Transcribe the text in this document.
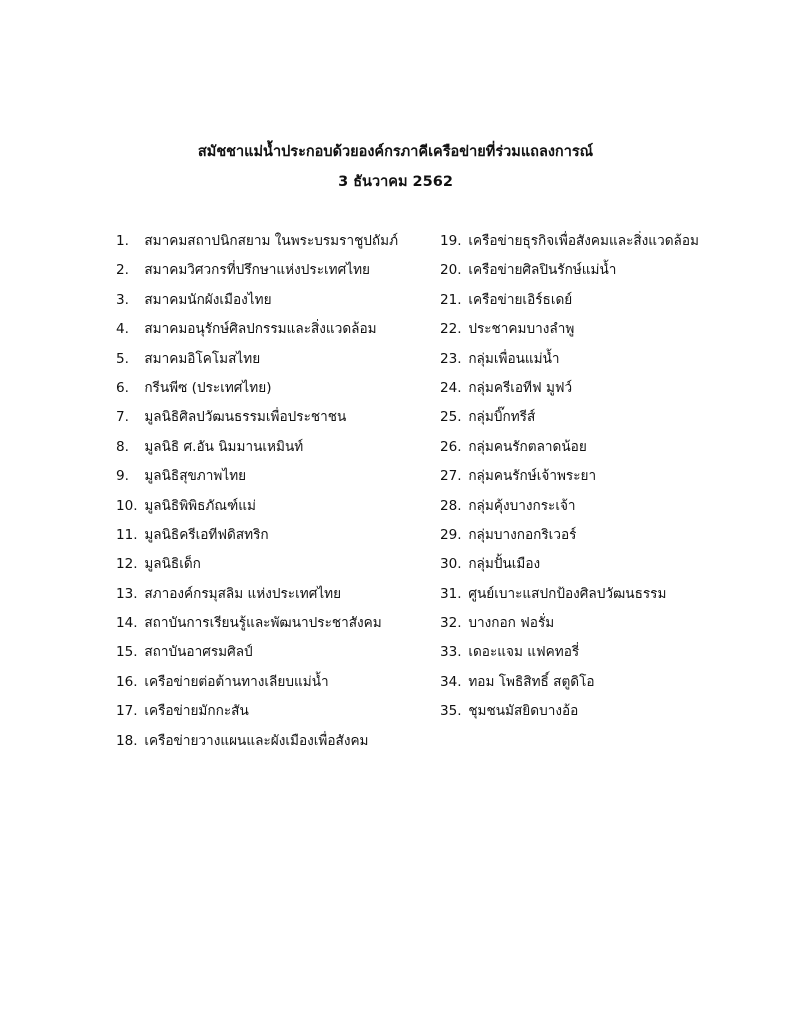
สมัชชาแม่น้ำประกอบด้วยองค์กรภาคีเครือข่ายที่ร่วมแถลงการณ์
3 ธันวาคม 2562
1. สมาคมสถาปนิกสยาม ในพระบรมราชูปถัมภ์
2. สมาคมวิศวกรที่ปรึกษาแห่งประเทศไทย
3. สมาคมนักผังเมืองไทย
4. สมาคมอนุรักษ์ศิลปกรรมและสิ่งแวดล้อม
5. สมาคมอิโคโมสไทย
6. กรีนพีซ (ประเทศไทย)
7. มูลนิธิศิลปวัฒนธรรมเพื่อประชาชน
8. มูลนิธิ ศ.อัน นิมมานเหมินท์
9. มูลนิธิสุขภาพไทย
10. มูลนิธิพิพิธภัณฑ์แม่
11. มูลนิธิครีเอทีฟดิสทริก
12. มูลนิธิเด็ก
13. สภาองค์กรมุสลิม แห่งประเทศไทย
14. สถาบันการเรียนรู้และพัฒนาประชาสังคม
15. สถาบันอาศรมศิลป์
16. เครือข่ายต่อต้านทางเลียบแม่น้ำ
17. เครือข่ายมักกะสัน
18. เครือข่ายวางแผนและผังเมืองเพื่อสังคม
19. เครือข่ายธุรกิจเพื่อสังคมและสิ่งแวดล้อม
20. เครือข่ายศิลปินรักษ์แม่น้ำ
21. เครือข่ายเอิร์ธเดย์
22. ประชาคมบางลำพู
23. กลุ่มเพื่อนแม่น้ำ
24. กลุ่มครีเอทีฟ มูฟว์
25. กลุ่มบิ๊กทรีส์
26. กลุ่มคนรักตลาดน้อย
27. กลุ่มคนรักษ์เจ้าพระยา
28. กลุ่มคุ้งบางกระเจ้า
29. กลุ่มบางกอกริเวอร์
30. กลุ่มปั้นเมือง
31. ศูนย์เบาะแสปกป้องศิลปวัฒนธรรม
32. บางกอก ฟอรั่ม
33. เดอะแจม แฟคทอรี่
34. ทอม โพธิสิทธิ์ สตูดิโอ
35. ชุมชนมัสยิดบางอ้อ
